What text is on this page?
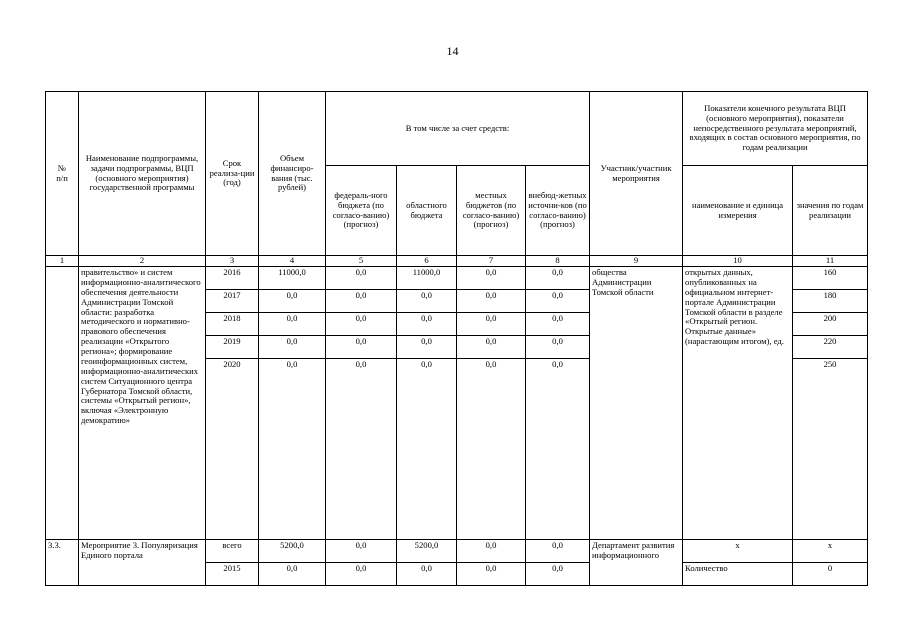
14
№
п/п	Наименование подпрограммы, задачи подпрограммы, ВЦП (основного мероприятия) государственной программы	Срок реализа-ции (год)	Объем финансиро-вания (тыс. рублей)	В том числе за счет средств:				Участник/участник мероприятия	Показатели конечного результата ВЦП (основного мероприятия), показатели непосредственного результата мероприятий, входящих в состав основного мероприятия, по годам реализации	
				федераль-ного бюджета (по согласо-ванию) (прогноз)	областного бюджета	местных бюджетов (по согласо-ванию) (прогноз)	внебюд-жетных источни-ков (по согласо-ванию) (прогноз)		наименование и единица измерения	значения по годам реализации
1	2	3	4	5	6	7	8	9	10	11
	правительство» и систем информационно-аналитического обеспечения деятельности Администрации Томской области: разработка методического и нормативно-правового обеспечения реализации «Открытого региона»; формирование геоинформационных систем, информационно-аналитических систем Ситуационного центра Губернатора Томской области, системы «Открытый регион», включая «Электронную демократию»	2016	11000,0	0,0	11000,0	0,0	0,0	общества Администрации Томской области	открытых данных, опубликованных на официальном интернет-портале Администрации Томской области в разделе «Открытый регион. Открытые данные» (нарастающим итогом), ед.	160
		2017	0,0	0,0	0,0	0,0	0,0			180
		2018	0,0	0,0	0,0	0,0	0,0			200
		2019	0,0	0,0	0,0	0,0	0,0			220
		2020	0,0	0,0	0,0	0,0	0,0			250
3.3.	Мероприятие 3. Популяризация Единого портала	всего	5200,0	0,0	5200,0	0,0	0,0	Департамент развития информационного	x	x
		2015	0,0	0,0	0,0	0,0	0,0		Количество	0
